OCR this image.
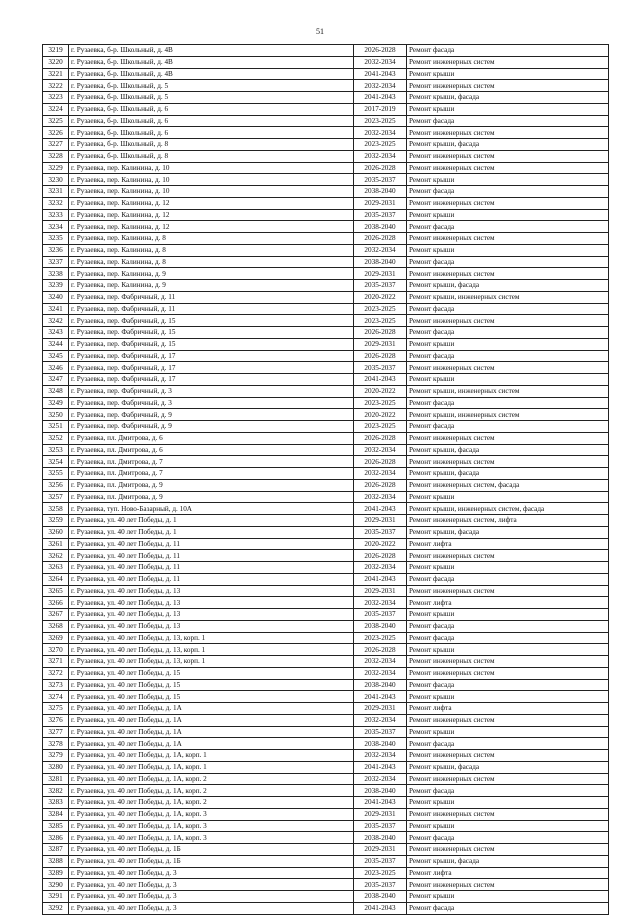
51
3219	г. Рузаевка, б-р. Школьный, д. 4В	2026-2028	Ремонт фасада
3220	г. Рузаевка, б-р. Школьный, д. 4В	2032-2034	Ремонт инженерных систем
3221	г. Рузаевка, б-р. Школьный, д. 4В	2041-2043	Ремонт крыши
3222	г. Рузаевка, б-р. Школьный, д. 5	2032-2034	Ремонт инженерных систем
3223	г. Рузаевка, б-р. Школьный, д. 5	2041-2043	Ремонт крыши, фасада
3224	г. Рузаевка, б-р. Школьный, д. 6	2017-2019	Ремонт крыши
3225	г. Рузаевка, б-р. Школьный, д. 6	2023-2025	Ремонт фасада
3226	г. Рузаевка, б-р. Школьный, д. 6	2032-2034	Ремонт инженерных систем
3227	г. Рузаевка, б-р. Школьный, д. 8	2023-2025	Ремонт крыши, фасада
3228	г. Рузаевка, б-р. Школьный, д. 8	2032-2034	Ремонт инженерных систем
3229	г. Рузаевка, пер. Калинина, д. 10	2026-2028	Ремонт инженерных систем
3230	г. Рузаевка, пер. Калинина, д. 10	2035-2037	Ремонт крыши
3231	г. Рузаевка, пер. Калинина, д. 10	2038-2040	Ремонт фасада
3232	г. Рузаевка, пер. Калинина, д. 12	2029-2031	Ремонт инженерных систем
3233	г. Рузаевка, пер. Калинина, д. 12	2035-2037	Ремонт крыши
3234	г. Рузаевка, пер. Калинина, д. 12	2038-2040	Ремонт фасада
3235	г. Рузаевка, пер. Калинина, д. 8	2026-2028	Ремонт инженерных систем
3236	г. Рузаевка, пер. Калинина, д. 8	2032-2034	Ремонт крыши
3237	г. Рузаевка, пер. Калинина, д. 8	2038-2040	Ремонт фасада
3238	г. Рузаевка, пер. Калинина, д. 9	2029-2031	Ремонт инженерных систем
3239	г. Рузаевка, пер. Калинина, д. 9	2035-2037	Ремонт крыши, фасада
3240	г. Рузаевка, пер. Фабричный, д. 11	2020-2022	Ремонт крыши, инженерных систем
3241	г. Рузаевка, пер. Фабричный, д. 11	2023-2025	Ремонт фасада
3242	г. Рузаевка, пер. Фабричный, д. 15	2023-2025	Ремонт инженерных систем
3243	г. Рузаевка, пер. Фабричный, д. 15	2026-2028	Ремонт фасада
3244	г. Рузаевка, пер. Фабричный, д. 15	2029-2031	Ремонт крыши
3245	г. Рузаевка, пер. Фабричный, д. 17	2026-2028	Ремонт фасада
3246	г. Рузаевка, пер. Фабричный, д. 17	2035-2037	Ремонт инженерных систем
3247	г. Рузаевка, пер. Фабричный, д. 17	2041-2043	Ремонт крыши
3248	г. Рузаевка, пер. Фабричный, д. 3	2020-2022	Ремонт крыши, инженерных систем
3249	г. Рузаевка, пер. Фабричный, д. 3	2023-2025	Ремонт фасада
3250	г. Рузаевка, пер. Фабричный, д. 9	2020-2022	Ремонт крыши, инженерных систем
3251	г. Рузаевка, пер. Фабричный, д. 9	2023-2025	Ремонт фасада
3252	г. Рузаевка, пл. Дмитрова, д. 6	2026-2028	Ремонт инженерных систем
3253	г. Рузаевка, пл. Дмитрова, д. 6	2032-2034	Ремонт крыши, фасада
3254	г. Рузаевка, пл. Дмитрова, д. 7	2026-2028	Ремонт инженерных систем
3255	г. Рузаевка, пл. Дмитрова, д. 7	2032-2034	Ремонт крыши, фасада
3256	г. Рузаевка, пл. Дмитрова, д. 9	2026-2028	Ремонт инженерных систем, фасада
3257	г. Рузаевка, пл. Дмитрова, д. 9	2032-2034	Ремонт крыши
3258	г. Рузаевка, туп. Ново-Базарный, д. 10А	2041-2043	Ремонт крыши, инженерных систем, фасада
3259	г. Рузаевка, ул. 40 лет Победы, д. 1	2029-2031	Ремонт инженерных систем, лифта
3260	г. Рузаевка, ул. 40 лет Победы, д. 1	2035-2037	Ремонт крыши, фасада
3261	г. Рузаевка, ул. 40 лет Победы, д. 11	2020-2022	Ремонт лифта
3262	г. Рузаевка, ул. 40 лет Победы, д. 11	2026-2028	Ремонт инженерных систем
3263	г. Рузаевка, ул. 40 лет Победы, д. 11	2032-2034	Ремонт крыши
3264	г. Рузаевка, ул. 40 лет Победы, д. 11	2041-2043	Ремонт фасада
3265	г. Рузаевка, ул. 40 лет Победы, д. 13	2029-2031	Ремонт инженерных систем
3266	г. Рузаевка, ул. 40 лет Победы, д. 13	2032-2034	Ремонт лифта
3267	г. Рузаевка, ул. 40 лет Победы, д. 13	2035-2037	Ремонт крыши
3268	г. Рузаевка, ул. 40 лет Победы, д. 13	2038-2040	Ремонт фасада
3269	г. Рузаевка, ул. 40 лет Победы, д. 13, корп. 1	2023-2025	Ремонт фасада
3270	г. Рузаевка, ул. 40 лет Победы, д. 13, корп. 1	2026-2028	Ремонт крыши
3271	г. Рузаевка, ул. 40 лет Победы, д. 13, корп. 1	2032-2034	Ремонт инженерных систем
3272	г. Рузаевка, ул. 40 лет Победы, д. 15	2032-2034	Ремонт инженерных систем
3273	г. Рузаевка, ул. 40 лет Победы, д. 15	2038-2040	Ремонт фасада
3274	г. Рузаевка, ул. 40 лет Победы, д. 15	2041-2043	Ремонт крыши
3275	г. Рузаевка, ул. 40 лет Победы, д. 1А	2029-2031	Ремонт лифта
3276	г. Рузаевка, ул. 40 лет Победы, д. 1А	2032-2034	Ремонт инженерных систем
3277	г. Рузаевка, ул. 40 лет Победы, д. 1А	2035-2037	Ремонт крыши
3278	г. Рузаевка, ул. 40 лет Победы, д. 1А	2038-2040	Ремонт фасада
3279	г. Рузаевка, ул. 40 лет Победы, д. 1А, корп. 1	2032-2034	Ремонт инженерных систем
3280	г. Рузаевка, ул. 40 лет Победы, д. 1А, корп. 1	2041-2043	Ремонт крыши, фасада
3281	г. Рузаевка, ул. 40 лет Победы, д. 1А, корп. 2	2032-2034	Ремонт инженерных систем
3282	г. Рузаевка, ул. 40 лет Победы, д. 1А, корп. 2	2038-2040	Ремонт фасада
3283	г. Рузаевка, ул. 40 лет Победы, д. 1А, корп. 2	2041-2043	Ремонт крыши
3284	г. Рузаевка, ул. 40 лет Победы, д. 1А, корп. 3	2029-2031	Ремонт инженерных систем
3285	г. Рузаевка, ул. 40 лет Победы, д. 1А, корп. 3	2035-2037	Ремонт крыши
3286	г. Рузаевка, ул. 40 лет Победы, д. 1А, корп. 3	2038-2040	Ремонт фасада
3287	г. Рузаевка, ул. 40 лет Победы, д. 1Б	2029-2031	Ремонт инженерных систем
3288	г. Рузаевка, ул. 40 лет Победы, д. 1Б	2035-2037	Ремонт крыши, фасада
3289	г. Рузаевка, ул. 40 лет Победы, д. 3	2023-2025	Ремонт лифта
3290	г. Рузаевка, ул. 40 лет Победы, д. 3	2035-2037	Ремонт инженерных систем
3291	г. Рузаевка, ул. 40 лет Победы, д. 3	2038-2040	Ремонт крыши
3292	г. Рузаевка, ул. 40 лет Победы, д. 3	2041-2043	Ремонт фасада
